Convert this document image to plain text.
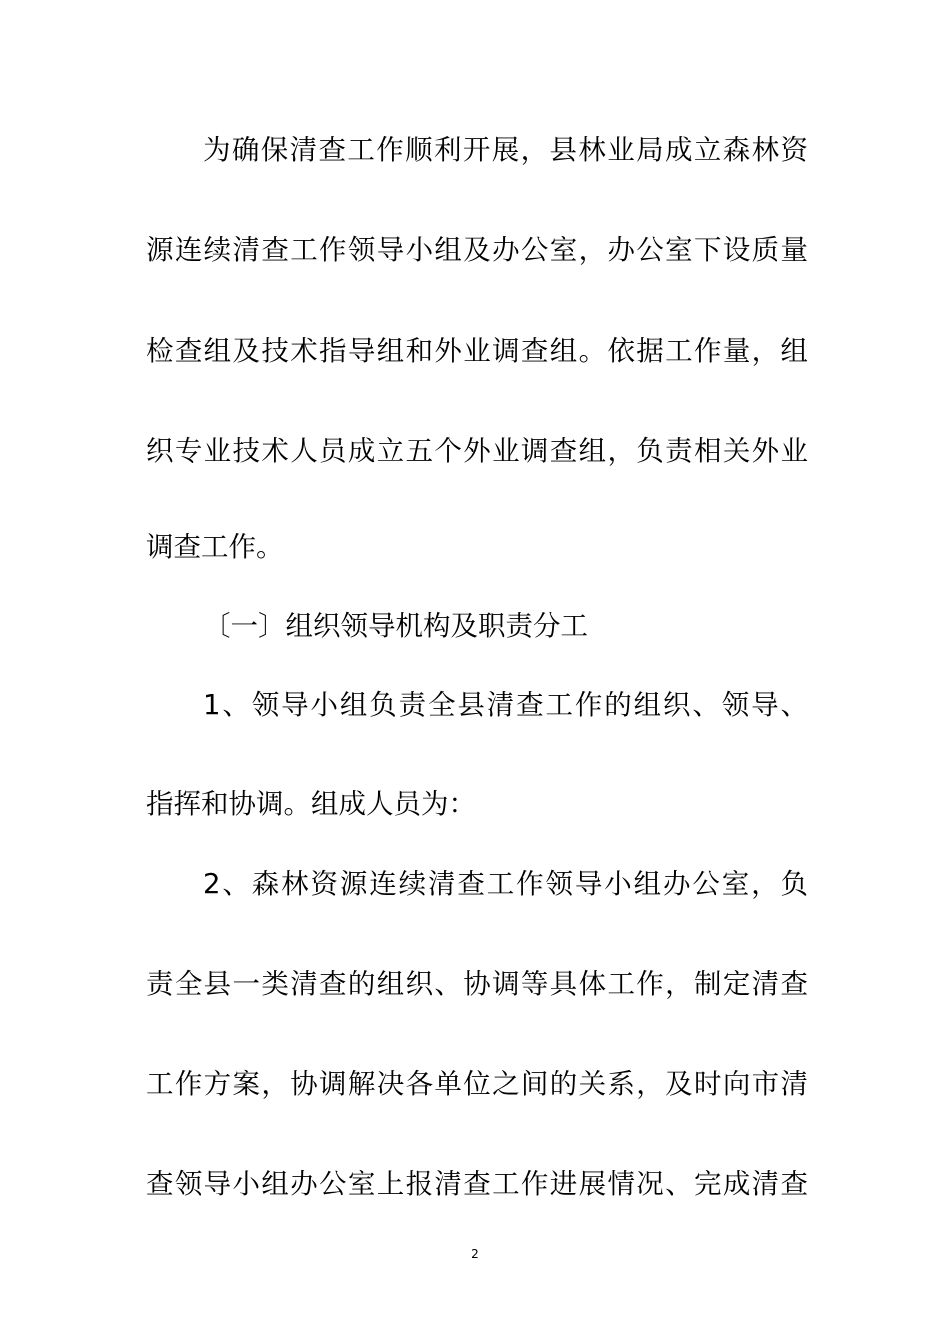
为确保清查工作顺利开展，县林业局成立森林资
源连续清查工作领导小组及办公室，办公室下设质量
检查组及技术指导组和外业调查组。依据工作量，组
织专业技术人员成立五个外业调查组，负责相关外业
调查工作。
〔一〕组织领导机构及职责分工
1、领导小组负责全县清查工作的组织、领导、
指挥和协调。组成人员为：
2、森林资源连续清查工作领导小组办公室，负
责全县一类清查的组织、协调等具体工作，制定清查
工作方案，协调解决各单位之间的关系，及时向市清
查领导小组办公室上报清查工作进展情况、完成清查
2
